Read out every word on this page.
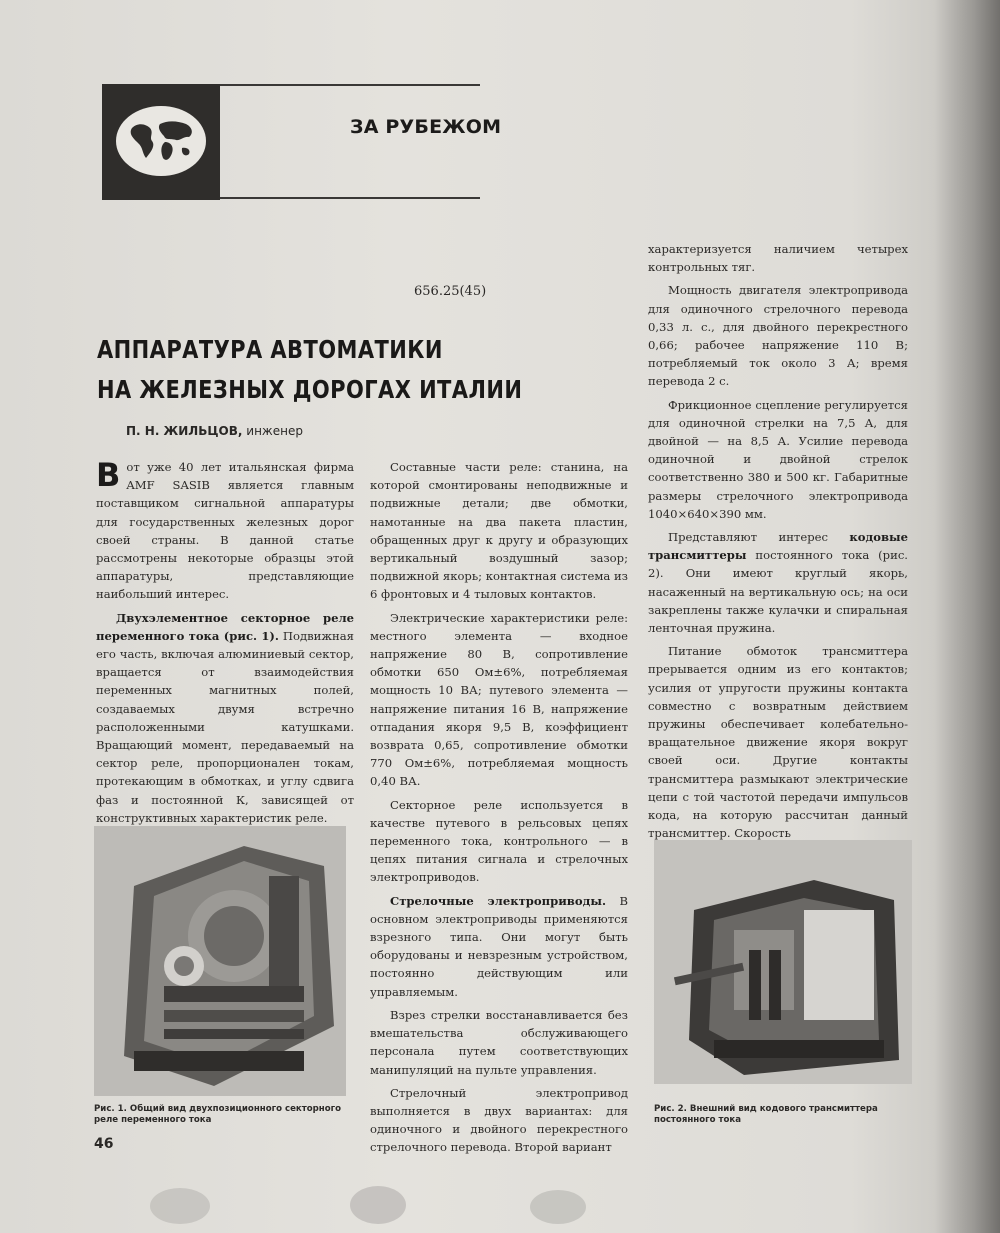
ЗА РУБЕЖОМ
656.25(45)
АППАРАТУРА АВТОМАТИКИ
НА ЖЕЛЕЗНЫХ ДОРОГАХ ИТАЛИИ
П. Н. ЖИЛЬЦОВ, инженер

Вот уже 40 лет итальянская фирма AMF SASIB является главным поставщиком сигнальной аппаратуры для государственных железных дорог своей страны. В данной статье рассмотрены некоторые образцы этой аппаратуры, представляющие наибольший интерес.

Двухэлементное секторное реле переменного тока (рис. 1). Подвижная его часть, включая алюминиевый сектор, вращается от взаимодействия переменных магнитных полей, создаваемых двумя встречно расположенными катушками. Вращающий момент, передаваемый на сектор реле, пропорционален токам, протекающим в обмотках, и углу сдвига фаз и постоянной К, зависящей от конструктивных характеристик реле.

Составные части реле: станина, на которой смонтированы неподвижные и подвижные детали; две обмотки, намотанные на два пакета пластин, обращенных друг к другу и образующих вертикальный воздушный зазор; подвижной якорь; контактная система из 6 фронтовых и 4 тыловых контактов.

Электрические характеристики реле: местного элемента — входное напряжение 80 В, сопротивление обмотки 650 Ом±6%, потребляемая мощность 10 ВА; путевого элемента — напряжение питания 16 В, напряжение отпадания якоря 9,5 В, коэффициент возврата 0,65, сопротивление обмотки 770 Ом±6%, потребляемая мощность 0,40 ВА.

Секторное реле используется в качестве путевого в рельсовых цепях переменного тока, контрольного — в цепях питания сигнала и стрелочных электроприводов.

Стрелочные электроприводы. В основном электроприводы применяются взрезного типа. Они могут быть оборудованы и невзрезным устройством, постоянно действующим или управляемым.

Взрез стрелки восстанавливается без вмешательства обслуживающего персонала путем соответствующих манипуляций на пульте управления.

Стрелочный электропривод выполняется в двух вариантах: для одиночного и двойного перекрестного стрелочного перевода. Второй вариант

характеризуется наличием четырех контрольных тяг.

Мощность двигателя электропривода для одиночного стрелочного перевода 0,33 л. с., для двойного перекрестного 0,66; рабочее напряжение 110 В; потребляемый ток около 3 А; время перевода 2 с.

Фрикционное сцепление регулируется для одиночной стрелки на 7,5 А, для двойной — на 8,5 А. Усилие перевода одиночной и двойной стрелок соответственно 380 и 500 кг. Габаритные размеры стрелочного электропривода 1040×640×390 мм.

Представляют интерес кодовые трансмиттеры постоянного тока (рис. 2). Они имеют круглый якорь, насаженный на вертикальную ось; на оси закреплены также кулачки и спиральная ленточная пружина.

Питание обмоток трансмиттера прерывается одним из его контактов; усилия от упругости пружины контакта совместно с возвратным действием пружины обеспечивает колебательно-вращательное движение якоря вокруг своей оси. Другие контакты трансмиттера размыкают электрические цепи с той частотой передачи импульсов кода, на которую рассчитан данный трансмиттер. Скорость

Рис. 1. Общий вид двухпозиционного секторного реле переменного тока
Рис. 2. Внешний вид кодового трансмиттера постоянного тока
46
